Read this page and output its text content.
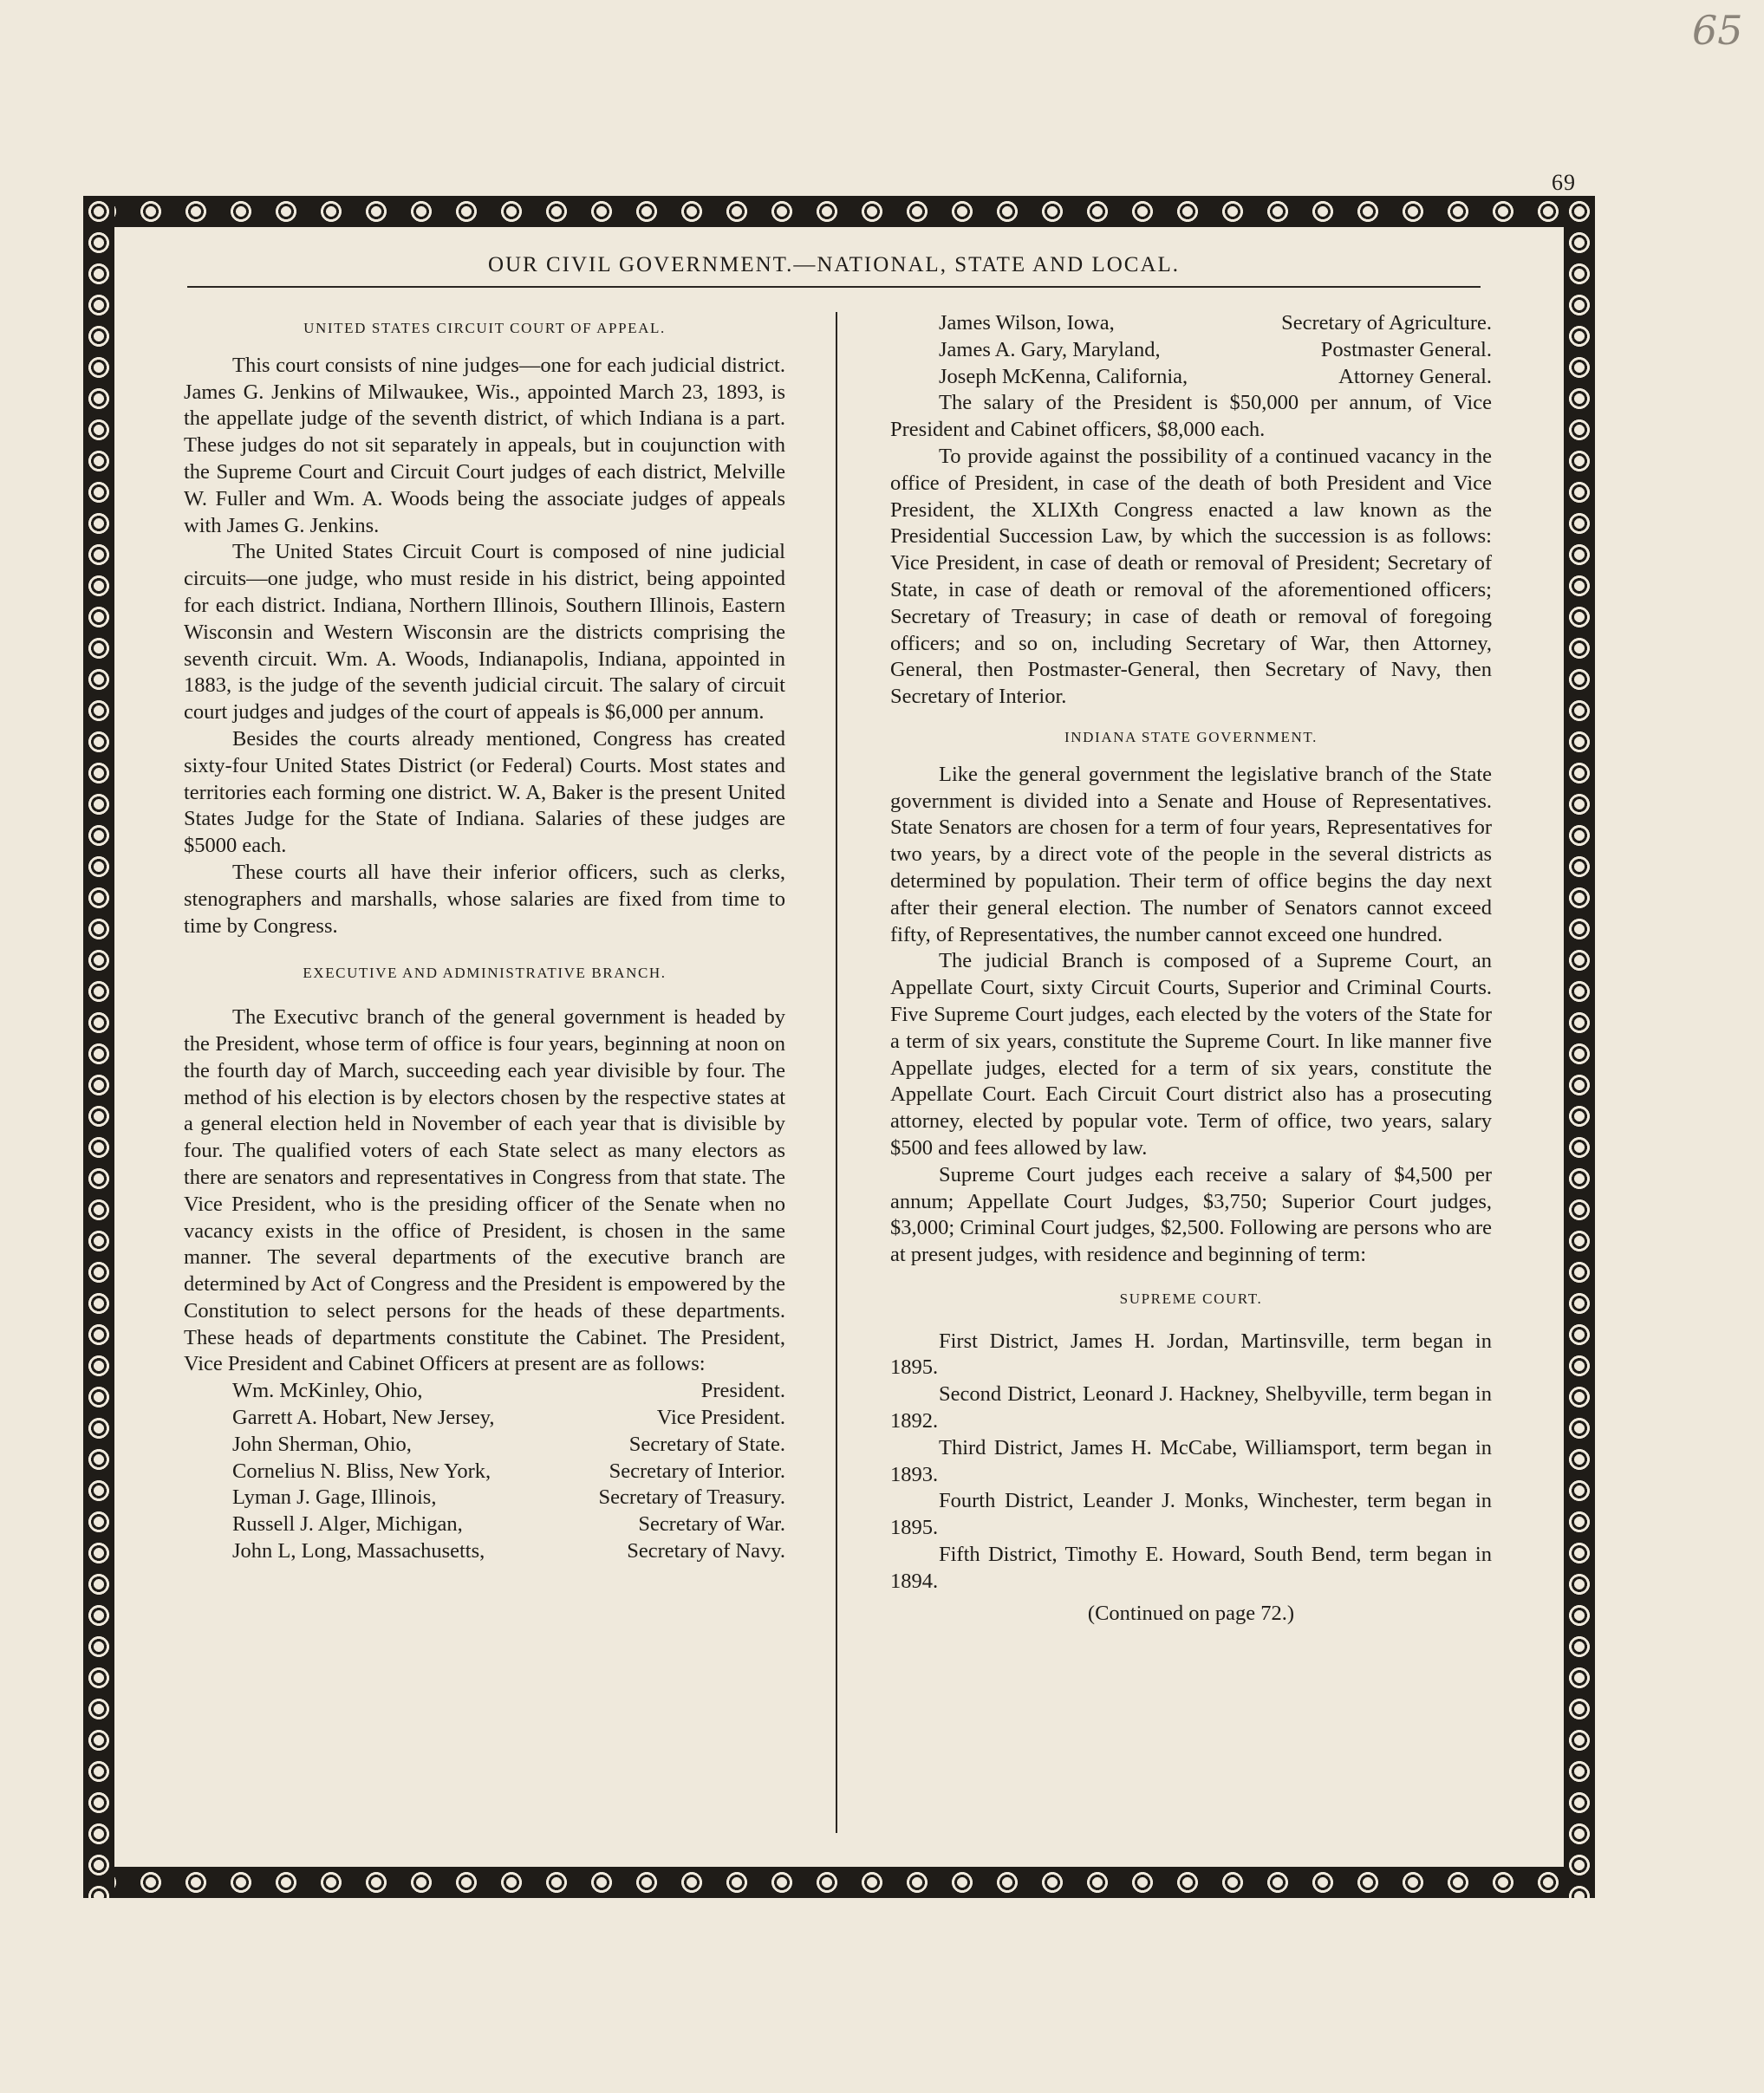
65
69
OUR CIVIL GOVERNMENT.—NATIONAL, STATE AND LOCAL.
UNITED STATES CIRCUIT COURT OF APPEAL.

This court consists of nine judges—one for each judicial district. James G. Jenkins of Milwaukee, Wis., appointed March 23, 1893, is the appellate judge of the seventh district, of which Indiana is a part. These judges do not sit separately in appeals, but in coujunction with the Supreme Court and Circuit Court judges of each district, Melville W. Fuller and Wm. A. Woods being the associate judges of appeals with James G. Jenkins.

The United States Circuit Court is composed of nine judicial circuits—one judge, who must reside in his district, being appointed for each district. Indiana, Northern Illinois, Southern Illinois, Eastern Wisconsin and Western Wisconsin are the districts comprising the seventh circuit. Wm. A. Woods, Indianapolis, Indiana, appointed in 1883, is the judge of the seventh judicial circuit. The salary of circuit court judges and judges of the court of appeals is $6,000 per annum.

Besides the courts already mentioned, Congress has created sixty-four United States District (or Federal) Courts. Most states and territories each forming one district. W. A, Baker is the present United States Judge for the State of Indiana. Salaries of these judges are $5000 each.

These courts all have their inferior officers, such as clerks, stenographers and marshalls, whose salaries are fixed from time to time by Congress.

EXECUTIVE AND ADMINISTRATIVE BRANCH.

The Executivc branch of the general government is headed by the President, whose term of office is four years, beginning at noon on the fourth day of March, succeeding each year divisible by four. The method of his election is by electors chosen by the respective states at a general election held in November of each year that is divisible by four. The qualified voters of each State select as many electors as there are senators and representatives in Congress from that state. The Vice President, who is the presiding officer of the Senate when no vacancy exists in the office of President, is chosen in the same manner. The several departments of the executive branch are determined by Act of Congress and the President is empowered by the Constitution to select persons for the heads of these departments. These heads of departments constitute the Cabinet. The President, Vice President and Cabinet Officers at present are as follows:

Wm. McKinley, Ohio,	President.
Garrett A. Hobart, New Jersey,	Vice President.
John Sherman, Ohio,	Secretary of State.
Cornelius N. Bliss, New York,	Secretary of Interior.
Lyman J. Gage, Illinois,	Secretary of Treasury.
Russell J. Alger, Michigan,	Secretary of War.
John L, Long, Massachusetts,	Secretary of Navy.
James Wilson, Iowa,	Secretary of Agriculture.
James A. Gary, Maryland,	Postmaster General.
Joseph McKenna, California,	Attorney General.

The salary of the President is $50,000 per annum, of Vice President and Cabinet officers, $8,000 each.

To provide against the possibility of a continued vacancy in the office of President, in case of the death of both President and Vice President, the XLIXth Congress enacted a law known as the Presidential Succession Law, by which the succession is as follows: Vice President, in case of death or removal of President; Secretary of State, in case of death or removal of the aforementioned officers; Secretary of Treasury; in case of death or removal of foregoing officers; and so on, including Secretary of War, then Attorney, General, then Postmaster-General, then Secretary of Navy, then Secretary of Interior.

INDIANA STATE GOVERNMENT.

Like the general government the legislative branch of the State government is divided into a Senate and House of Representatives. State Senators are chosen for a term of four years, Representatives for two years, by a direct vote of the people in the several districts as determined by population. Their term of office begins the day next after their general election. The number of Senators cannot exceed fifty, of Representatives, the number cannot exceed one hundred.

The judicial Branch is composed of a Supreme Court, an Appellate Court, sixty Circuit Courts, Superior and Criminal Courts. Five Supreme Court judges, each elected by the voters of the State for a term of six years, constitute the Supreme Court. In like manner five Appellate judges, elected for a term of six years, constitute the Appellate Court. Each Circuit Court district also has a prosecuting attorney, elected by popular vote. Term of office, two years, salary $500 and fees allowed by law.

Supreme Court judges each receive a salary of $4,500 per annum; Appellate Court Judges, $3,750; Superior Court judges, $3,000; Criminal Court judges, $2,500. Following are persons who are at present judges, with residence and beginning of term:

SUPREME COURT.

First District, James H. Jordan, Martinsville, term began in 1895.

Second District, Leonard J. Hackney, Shelbyville, term began in 1892.

Third District, James H. McCabe, Williamsport, term began in 1893.

Fourth District, Leander J. Monks, Winchester, term began in 1895.

Fifth District, Timothy E. Howard, South Bend, term began in 1894.

(Continued on page 72.)
